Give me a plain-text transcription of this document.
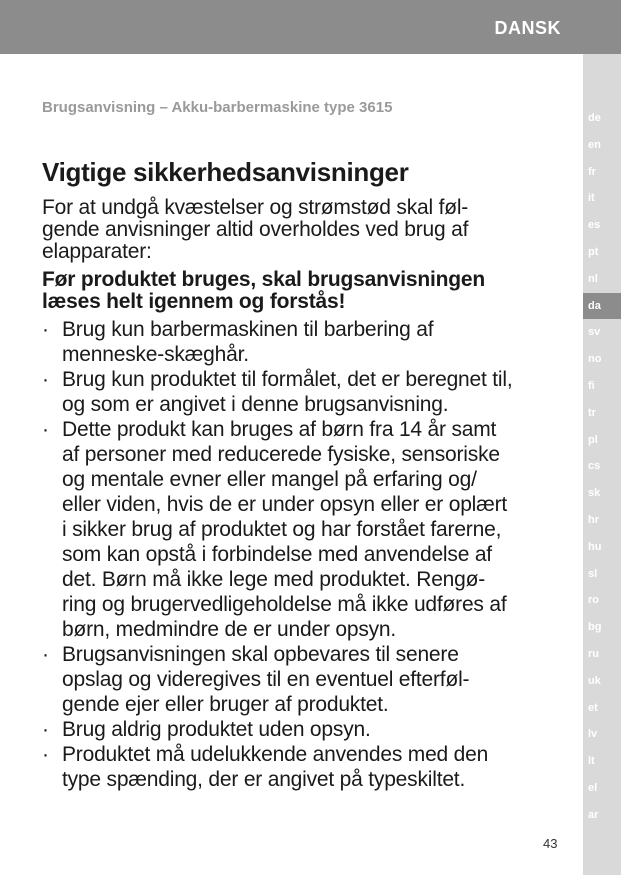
DANSK
de
en
fr
it
es
pt
nl
da
sv
no
fi
tr
pl
cs
sk
hr
hu
sl
ro
bg
ru
uk
et
lv
lt
el
ar
Brugsanvisning – Akku-barbermaskine type 3615
Vigtige sikkerhedsanvisninger

For at undgå kvæstelser og strømstød skal føl-
gende anvisninger altid overholdes ved brug af
elapparater:

Før produktet bruges, skal brugsanvisningen
læses helt igennem og forstås!

· Brug kun barbermaskinen til barbering af
menneske-skæghår.
· Brug kun produktet til formålet, det er beregnet til,
og som er angivet i denne brugsanvisning.
· Dette produkt kan bruges af børn fra 14 år samt
af personer med reducerede fysiske, sensoriske
og mentale evner eller mangel på erfaring og/
eller viden, hvis de er under opsyn eller er oplært
i sikker brug af produktet og har forstået farerne,
som kan opstå i forbindelse med anvendelse af
det. Børn må ikke lege med produktet. Rengø-
ring og brugervedligeholdelse må ikke udføres af
børn, medmindre de er under opsyn.
· Brugsanvisningen skal opbevares til senere
opslag og videregives til en eventuel efterføl-
gende ejer eller bruger af produktet.
· Brug aldrig produktet uden opsyn.
· Produktet må udelukkende anvendes med den
type spænding, der er angivet på typeskiltet.
43
